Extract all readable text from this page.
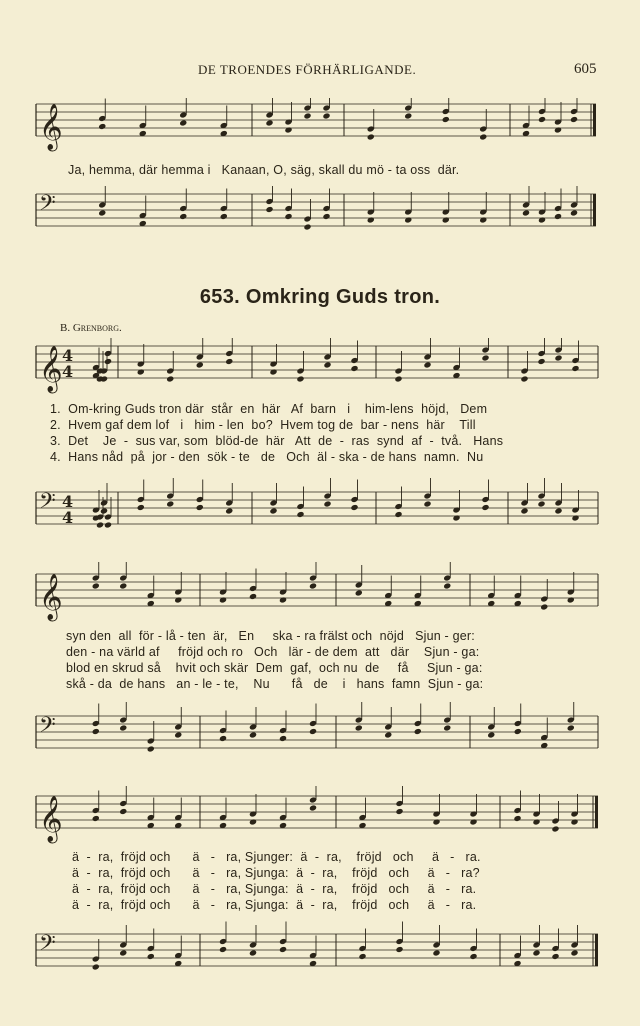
DE TROENDES FÖRHÄRLIGANDE.	605
𝄞
Ja, hemma, där hemma i   Kanaan, O, säg, skall du mö - ta oss  där.
𝄢
653. Omkring Guds tron.
B. Grenborg.
𝄞 4
4
1.  Om-kring Guds tron där  står  en  här   Af  barn   i    him-lens  höjd,   Dem
2.  Hvem gaf dem lof   i   him - len  bo?  Hvem tog de  bar - nens  här    Till
3.  Det    Je  -  sus var, som  blöd-de  här   Att  de  -  ras  synd  af  -  två.   Hans
4.  Hans nåd  på  jor - den  sök - te   de   Och  äl - ska - de hans  namn.  Nu
𝄢 4
4
𝄞
syn den  all  för - lå - ten  är,   En     ska - ra frälst och  nöjd   Sjun - ger:
den - na värld af     fröjd och ro   Och   lär - de dem  att   där    Sjun - ga:
blod en skrud så    hvit och skär  Dem  gaf,  och nu  de     få     Sjun - ga:
skå - da  de hans   an - le - te,    Nu      få   de    i   hans  famn  Sjun - ga:
𝄢
𝄞
ä  -  ra,  fröjd och      ä   -   ra, Sjunger:  ä  -  ra,    fröjd   och     ä   -   ra.
ä  -  ra,  fröjd och      ä   -   ra, Sjunga:  ä  -  ra,    fröjd   och     ä   -   ra?
ä  -  ra,  fröjd och      ä   -   ra, Sjunga:  ä  -  ra,    fröjd   och     ä   -   ra.
ä  -  ra,  fröjd och      ä   -   ra, Sjunga:  ä  -  ra,    fröjd   och     ä   -   ra.
𝄢
